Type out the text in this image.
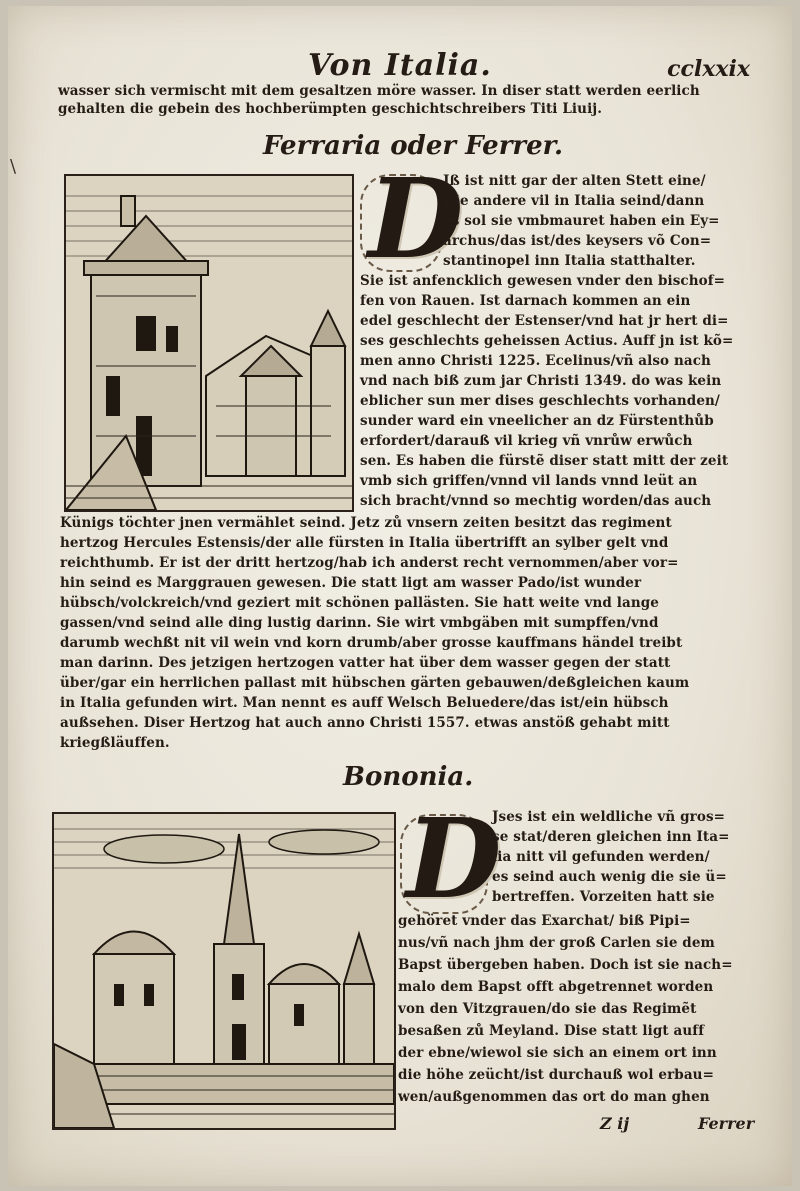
\
Von Italia.	cclxxix
wasser sich vermischt mit dem gesaltzen möre wasser. In diser statt werden eerlich
gehalten die gebein des hochberümpten geschichtschreibers Titi Liuij.
Ferraria oder Ferrer.
D
Jß ist nitt gar der alten Stett eine/
wie andere vil in Italia seind/dann
es sol sie vmbmauret haben ein Ey=
archus/das ist/des keysers võ Con=
stantinopel inn Italia statthalter.
Sie ist anfencklich gewesen vnder den bischof=
fen von Rauen. Ist darnach kommen an ein
edel geschlecht der Estenser/vnd hat jr hert di=
ses geschlechts geheissen Actius. Auff jn ist kõ=
men anno Christi 1225. Ecelinus/vñ also nach
vnd nach biß zum jar Christi 1349. do was kein
eblicher sun mer dises geschlechts vorhanden/
sunder ward ein vneelicher an dz Fürstenthůb
erfordert/darauß vil krieg vñ vnrůw erwůch
sen. Es haben die fürstẽ diser statt mitt der zeit
vmb sich griffen/vnnd vil lands vnnd leüt an
sich bracht/vnnd so mechtig worden/das auch
Künigs töchter jnen vermählet seind. Jetz zů vnsern zeiten besitzt das regiment
hertzog Hercules Estensis/der alle fürsten in Italia übertrifft an sylber gelt vnd
reichthumb. Er ist der dritt hertzog/hab ich anderst recht vernommen/aber vor=
hin seind es Marggrauen gewesen. Die statt ligt am wasser Pado/ist wunder
hübsch/volckreich/vnd geziert mit schönen pallästen. Sie hatt weite vnd lange
gassen/vnd seind alle ding lustig darinn. Sie wirt vmbgäben mit sumpffen/vnd
darumb wechßt nit vil wein vnd korn drumb/aber grosse kauffmans händel treibt
man darinn. Des jetzigen hertzogen vatter hat über dem wasser gegen der statt
über/gar ein herrlichen pallast mit hübschen gärten gebauwen/deßgleichen kaum
in Italia gefunden wirt. Man nennt es auff Welsch Beluedere/das ist/ein hübsch
außsehen. Diser Hertzog hat auch anno Christi 1557. etwas anstöß gehabt mitt
kriegßläuffen.
Bononia.
D
Jses ist ein weldliche vñ gros=
se stat/deren gleichen inn Ita=
lia nitt vil gefunden werden/
es seind auch wenig die sie ü=
bertreffen. Vorzeiten hatt sie
gehöret vnder das Exarchat/ biß Pipi=
nus/vñ nach jhm der groß Carlen sie dem
Bapst übergeben haben. Doch ist sie nach=
malo dem Bapst offt abgetrennet worden
von den Vitzgrauen/do sie das Regimẽt
besaßen zů Meyland. Dise statt ligt auff
der ebne/wiewol sie sich an einem ort inn
die höhe zeücht/ist durchauß wol erbau=
wen/außgenommen das ort do man ghen
Z ij	Ferrer
